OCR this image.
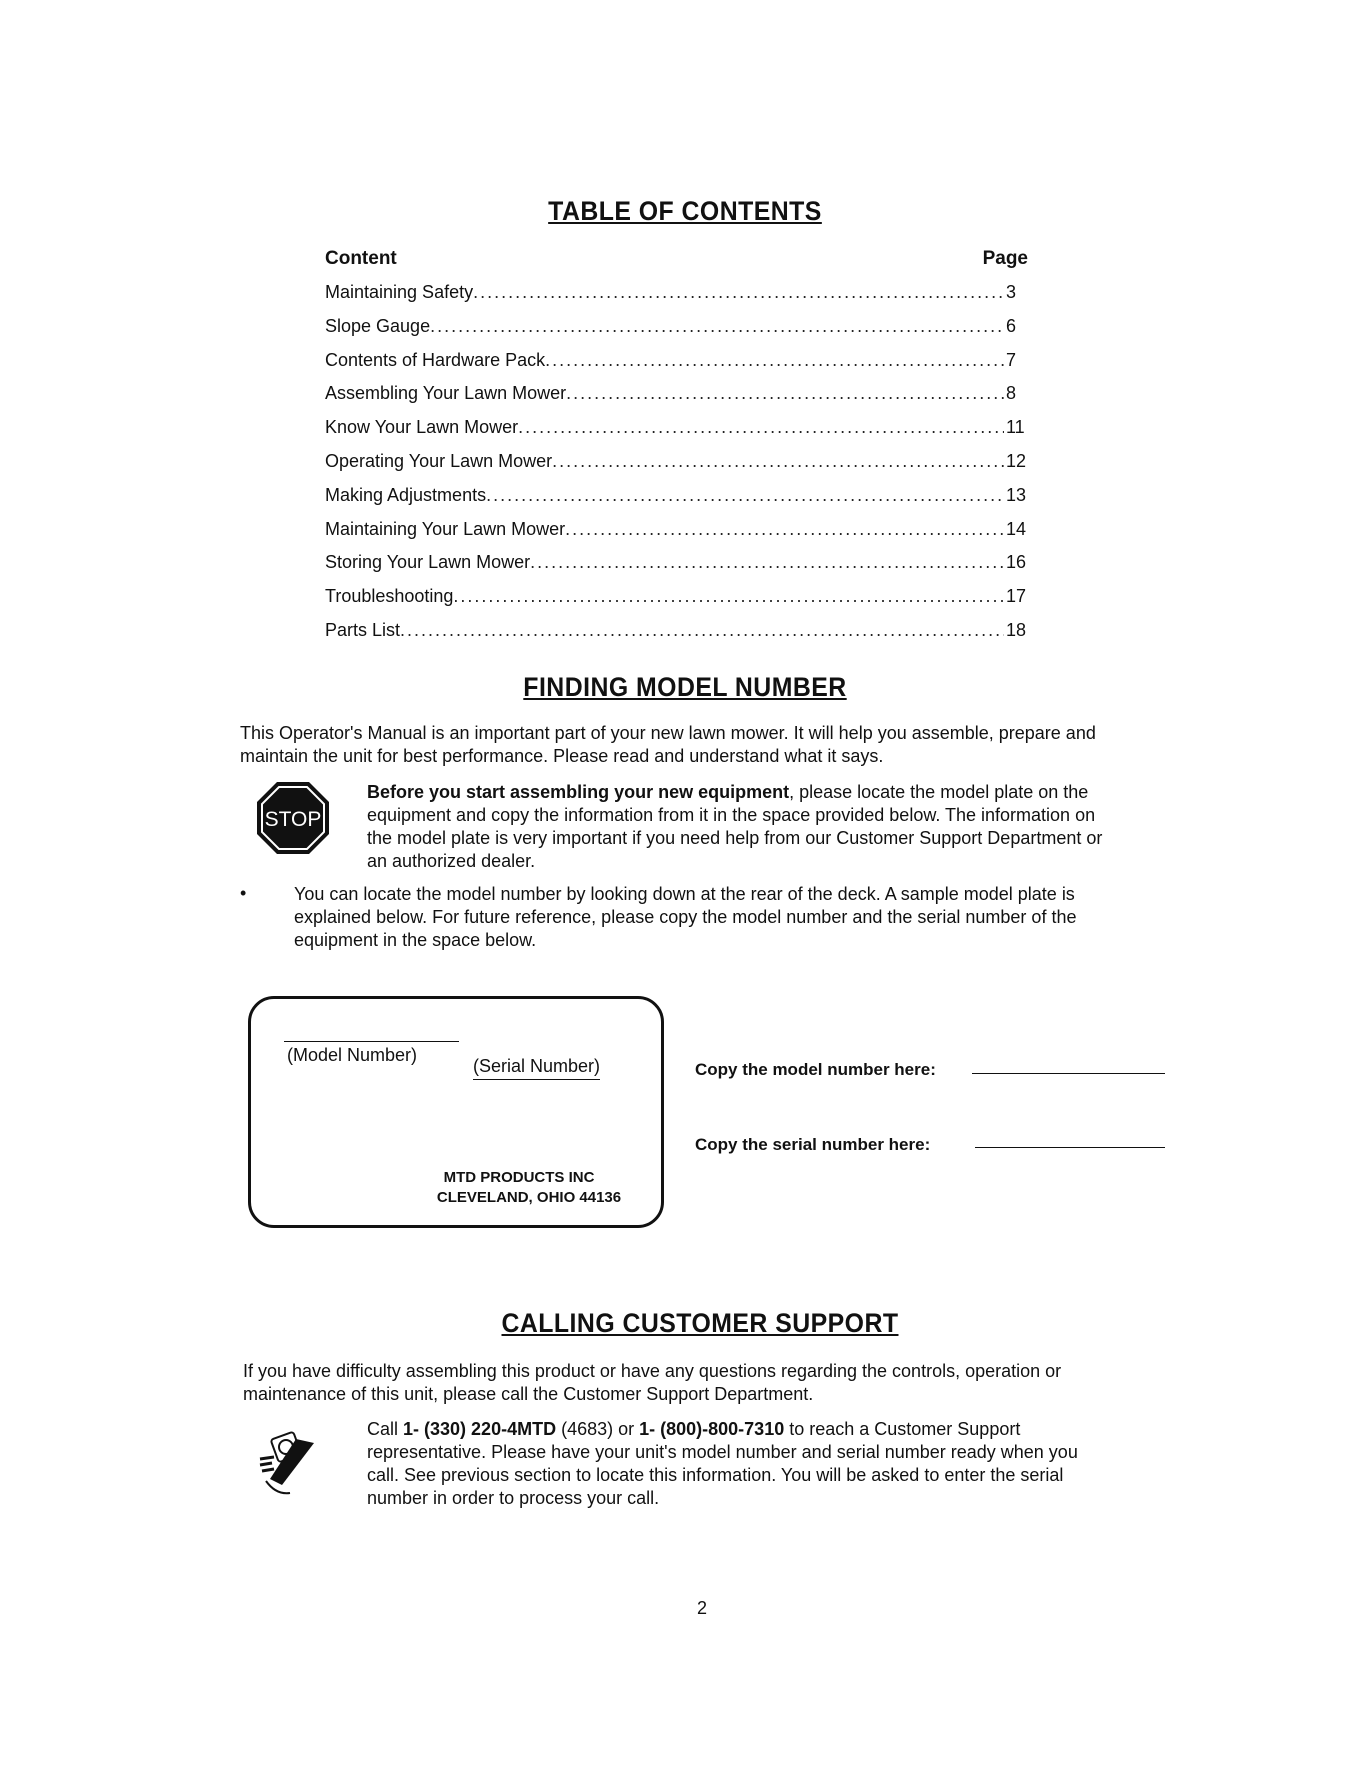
TABLE OF CONTENTS
Content	Page
Maintaining Safety .....	3
Slope Gauge .....	6
Contents of Hardware Pack .....	7
Assembling Your Lawn Mower .....	8
Know Your Lawn Mower .....	11
Operating Your Lawn Mower .....	12
Making Adjustments .....	13
Maintaining Your Lawn Mower .....	14
Storing Your Lawn Mower .....	16
Troubleshooting .....	17
Parts List .....	18
FINDING MODEL NUMBER
This Operator's Manual is an important part of your new lawn mower. It will help you assemble, prepare and
maintain the unit for best performance. Please read and understand what it says.
STOP
Before you start assembling your new equipment, please locate the model plate on the
equipment and copy the information from it in the space provided below. The information on
the model plate is very important if you need help from our Customer Support Department or
an authorized dealer.
•	You can locate the model number by looking down at the rear of the deck. A sample model plate is
explained below. For future reference, please copy the model number and the serial number of the
equipment in the space below.
(Model Number)
(Serial Number)
MTD PRODUCTS INC
CLEVELAND, OHIO 44136
Copy the model number here:
Copy the serial number here:
CALLING CUSTOMER SUPPORT
If you have difficulty assembling this product or have any questions regarding the controls, operation or
maintenance of this unit, please call the Customer Support Department.
Call 1- (330) 220-4MTD (4683) or 1- (800)-800-7310 to reach a Customer Support
representative. Please have your unit's model number and serial number ready when you
call. See previous section to locate this information. You will be asked to enter the serial
number in order to process your call.
2
